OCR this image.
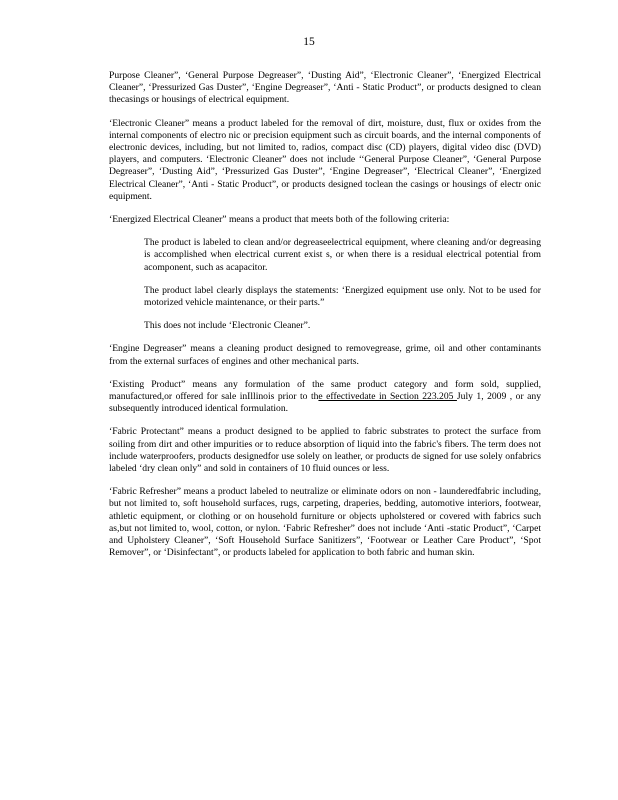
15

Purpose Cleaner”, ‘General Purpose Degreaser”, ‘Dusting Aid”, ‘Electronic Cleaner”, ‘Energized Electrical Cleaner”, ‘Pressurized Gas Duster”, ‘Engine Degreaser”, ‘Anti - Static Product”, or products designed to clean thecasings or housings of electrical equipment.

‘Electronic Cleaner” means a product labeled for the removal of dirt, moisture, dust, flux or oxides from the internal components of electro nic or precision equipment such as circuit boards, and the internal components of electronic devices, including, but not limited to, radios, compact disc (CD) players, digital video disc (DVD) players, and computers. ‘Electronic Cleaner” does not include ‘‘General Purpose Cleaner”, ‘General Purpose Degreaser”, ‘Dusting Aid”, ‘Pressurized Gas Duster”, ‘Engine Degreaser”, ‘Electrical Cleaner”, ‘Energized Electrical Cleaner”, ‘Anti - Static Product”, or products designed toclean the casings or housings of electr onic equipment.

‘Energized Electrical Cleaner” means a product that meets both of the following criteria:

The product is labeled to clean and/or degreaseelectrical equipment, where cleaning and/or degreasing is accomplished when electrical current exist s, or when there is a residual electrical potential from acomponent, such as acapacitor.

The product label clearly displays the statements: ‘Energized equipment use only. Not to be used for motorized vehicle maintenance, or their parts.”

This does not include ‘Electronic Cleaner”.

‘Engine Degreaser” means a cleaning product designed to removegrease, grime, oil and other contaminants from the external surfaces of engines and other mechanical parts.

‘Existing Product” means any formulation of the same product category and form sold, supplied, manufactured,or offered for sale inIllinois prior to the effectivedate in Section 223.205 July 1, 2009 , or any subsequently introduced identical formulation.

‘Fabric Protectant” means a product designed to be applied to fabric substrates to protect the surface from soiling from dirt and other impurities or to reduce absorption of liquid into the fabric's fibers. The term does not include waterproofers, products designedfor use solely on leather, or products de signed for use solely onfabrics labeled ‘dry clean only” and sold in containers of 10 fluid ounces or less.

‘Fabric Refresher” means a product labeled to neutralize or eliminate odors on non - launderedfabric including, but not limited to, soft household surfaces, rugs, carpeting, draperies, bedding, automotive interiors, footwear, athletic equipment, or clothing or on household furniture or objects upholstered or covered with fabrics such as,but not limited to, wool, cotton, or nylon. ‘Fabric Refresher” does not include ‘Anti -static Product”, ‘Carpet and Upholstery Cleaner”, ‘Soft Household Surface Sanitizers”, ‘Footwear or Leather Care Product”, ‘Spot Remover”, or ‘Disinfectant”, or products labeled for application to both fabric and human skin.
